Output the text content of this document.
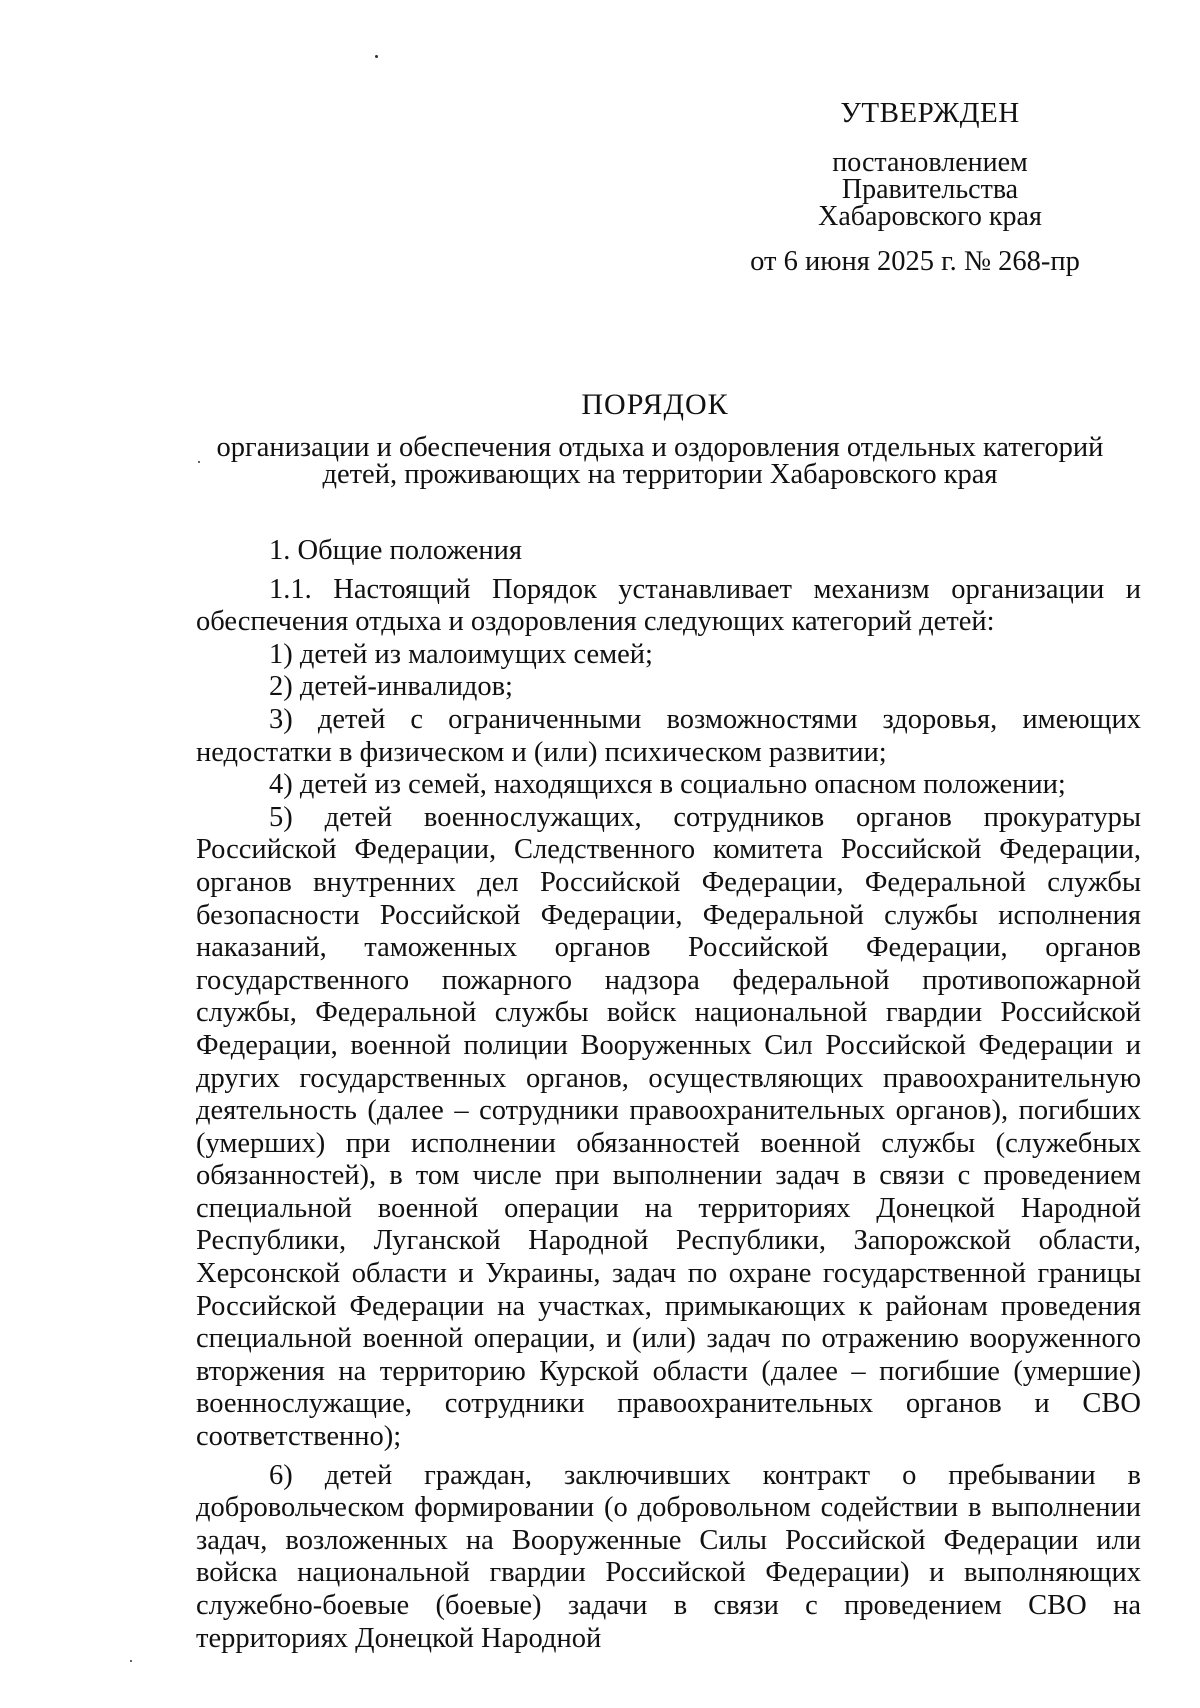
УТВЕРЖДЕН
постановлением
Правительства
Хабаровского края
от 6 июня 2025 г. № 268-пр
ПОРЯДОК
организации и обеспечения отдыха и оздоровления отдельных категорий
детей, проживающих на территории Хабаровского края

1. Общие положения

1.1. Настоящий Порядок устанавливает механизм организации и обеспечения отдыха и оздоровления следующих категорий детей:

1) детей из малоимущих семей;

2) детей-инвалидов;

3) детей с ограниченными возможностями здоровья, имеющих недостатки в физическом и (или) психическом развитии;

4) детей из семей, находящихся в социально опасном положении;

5) детей военнослужащих, сотрудников органов прокуратуры Российской Федерации, Следственного комитета Российской Федерации, органов внутренних дел Российской Федерации, Федеральной службы безопасности Российской Федерации, Федеральной службы исполнения наказаний, таможенных органов Российской Федерации, органов государственного пожарного надзора федеральной противопожарной службы, Федеральной службы войск национальной гвардии Российской Федерации, военной полиции Вооруженных Сил Российской Федерации и других государственных органов, осуществляющих правоохранительную деятельность (далее – сотрудники правоохранительных органов), погибших (умерших) при исполнении обязанностей военной службы (служебных обязанностей), в том числе при выполнении задач в связи с проведением специальной военной операции на территориях Донецкой Народной Республики, Луганской Народной Республики, Запорожской области, Херсонской области и Украины, задач по охране государственной границы Российской Федерации на участках, примыкающих к районам проведения специальной военной операции, и (или) задач по отражению вооруженного вторжения на территорию Курской области (далее – погибшие (умершие) военнослужащие, сотрудники правоохранительных органов и СВО соответственно);

6) детей граждан, заключивших контракт о пребывании в добровольческом формировании (о добровольном содействии в выполнении задач, возложенных на Вооруженные Силы Российской Федерации или войска национальной гвардии Российской Федерации) и выполняющих служебно-боевые (боевые) задачи в связи с проведением СВО на территориях Донецкой Народной
